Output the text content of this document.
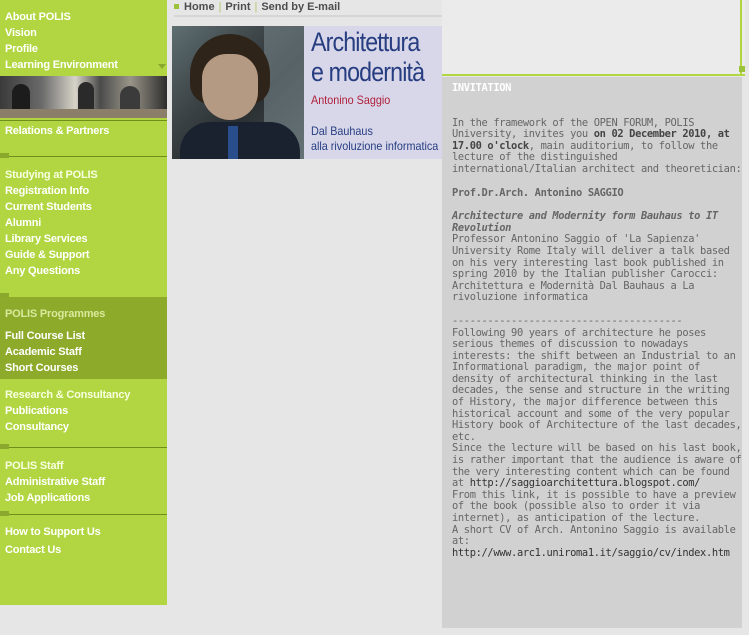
About POLIS
Vision
Profile
Learning Environment
Relations & Partners
Studying at POLIS
Registration Info
Current Students
Alumni
Library Services
Guide & Support
Any Questions
POLIS Programmes
Full Course List
Academic Staff
Short Courses
Research & Consultancy
Publications
Consultancy
POLIS Staff
Administrative Staff
Job Applications
How to Support Us
Contact Us
Home | Print | Send by E-mail
Architettura
e modernità
Antonino Saggio
Dal Bauhaus
alla rivoluzione informatica

INVITATION

In the framework of the OPEN FORUM, POLIS University, invites you on 02 December 2010, at 17.00 o'clock, main auditorium, to follow the lecture of the distinguished international/Italian architect and theoretician:

Prof.Dr.Arch. Antonino SAGGIO

Architecture and Modernity form Bauhaus to IT Revolution

Professor Antonino Saggio of 'La Sapienza' University Rome Italy will deliver a talk based on his very interesting last book published in spring 2010 by the Italian publisher Carocci: Architettura e Modernità Dal Bauhaus a La rivoluzione informatica

---------------------------------------

Following 90 years of architecture he poses serious themes of discussion to nowadays interests: the shift between an Industrial to an Informational paradigm, the major point of density of architectural thinking in the last decades, the sense and structure in the writing of History, the major difference between this historical account and some of the very popular History book of Architecture of the last decades, etc.

Since the lecture will be based on his last book, is rather important that the audience is aware of the very interesting content which can be found at http://saggioarchitettura.blogspot.com/

From this link, it is possible to have a preview of the book (possible also to order it via internet), as anticipation of the lecture.

A short CV of Arch. Antonino Saggio is available at:

http://www.arc1.uniroma1.it/saggio/cv/index.htm
